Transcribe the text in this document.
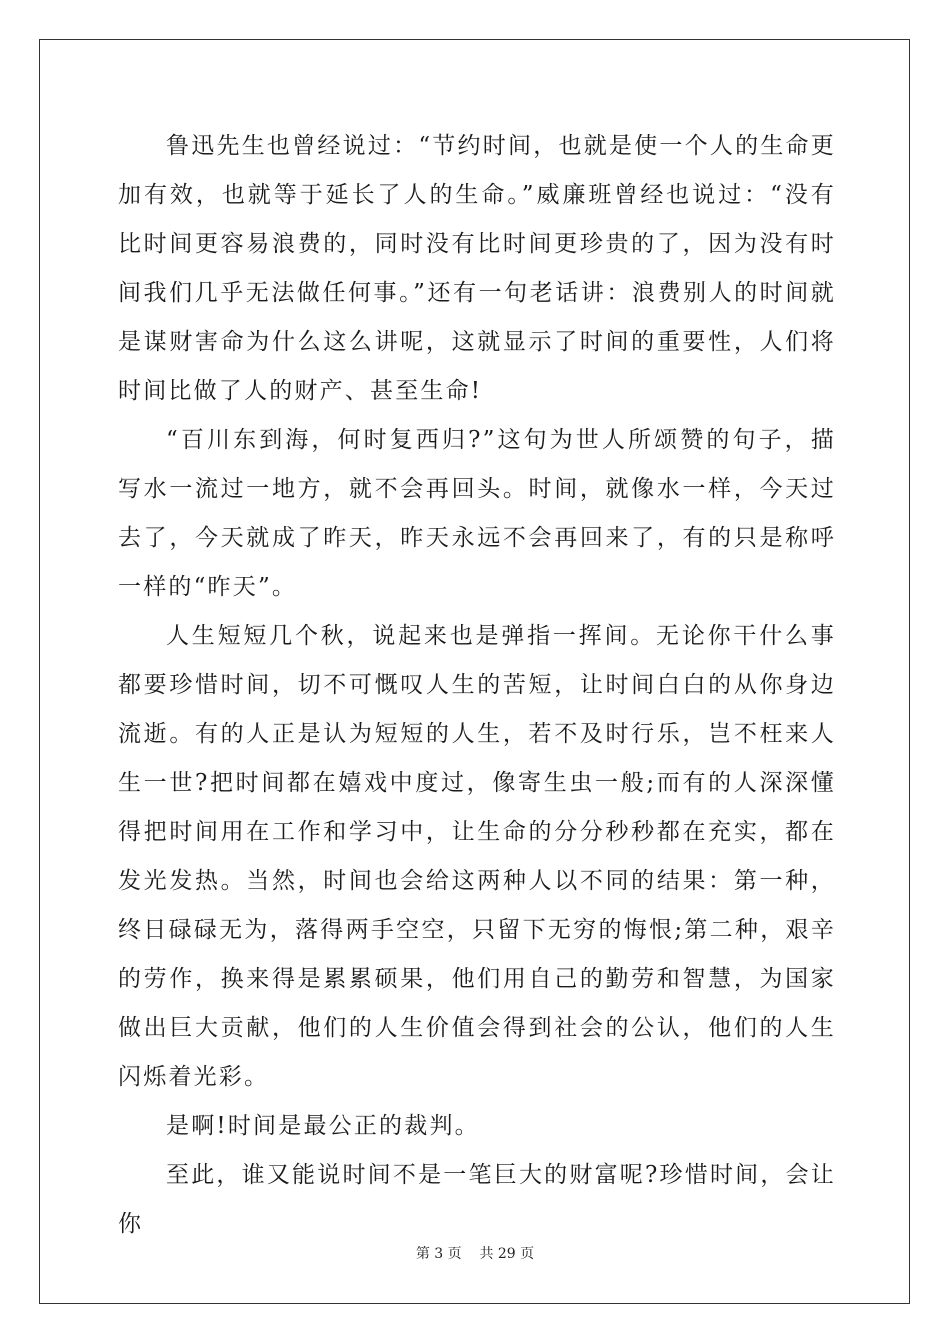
鲁迅先生也曾经说过：“节约时间，也就是使一个人的生命更加有效，也就等于延长了人的生命。”威廉班曾经也说过：“没有比时间更容易浪费的，同时没有比时间更珍贵的了，因为没有时间我们几乎无法做任何事。”还有一句老话讲：浪费别人的时间就是谋财害命为什么这么讲呢，这就显示了时间的重要性，人们将时间比做了人的财产、甚至生命!

“百川东到海，何时复西归?”这句为世人所颂赞的句子，描写水一流过一地方，就不会再回头。时间，就像水一样，今天过去了，今天就成了昨天，昨天永远不会再回来了，有的只是称呼一样的“昨天”。

人生短短几个秋，说起来也是弹指一挥间。无论你干什么事都要珍惜时间，切不可慨叹人生的苦短，让时间白白的从你身边流逝。有的人正是认为短短的人生，若不及时行乐，岂不枉来人生一世?把时间都在嬉戏中度过，像寄生虫一般;而有的人深深懂得把时间用在工作和学习中，让生命的分分秒秒都在充实，都在发光发热。当然，时间也会给这两种人以不同的结果：第一种，终日碌碌无为，落得两手空空，只留下无穷的悔恨;第二种，艰辛的劳作，换来得是累累硕果，他们用自己的勤劳和智慧，为国家做出巨大贡献，他们的人生价值会得到社会的公认，他们的人生闪烁着光彩。

是啊!时间是最公正的裁判。

至此，谁又能说时间不是一笔巨大的财富呢?珍惜时间，会让你

第 3 页 共 29 页
